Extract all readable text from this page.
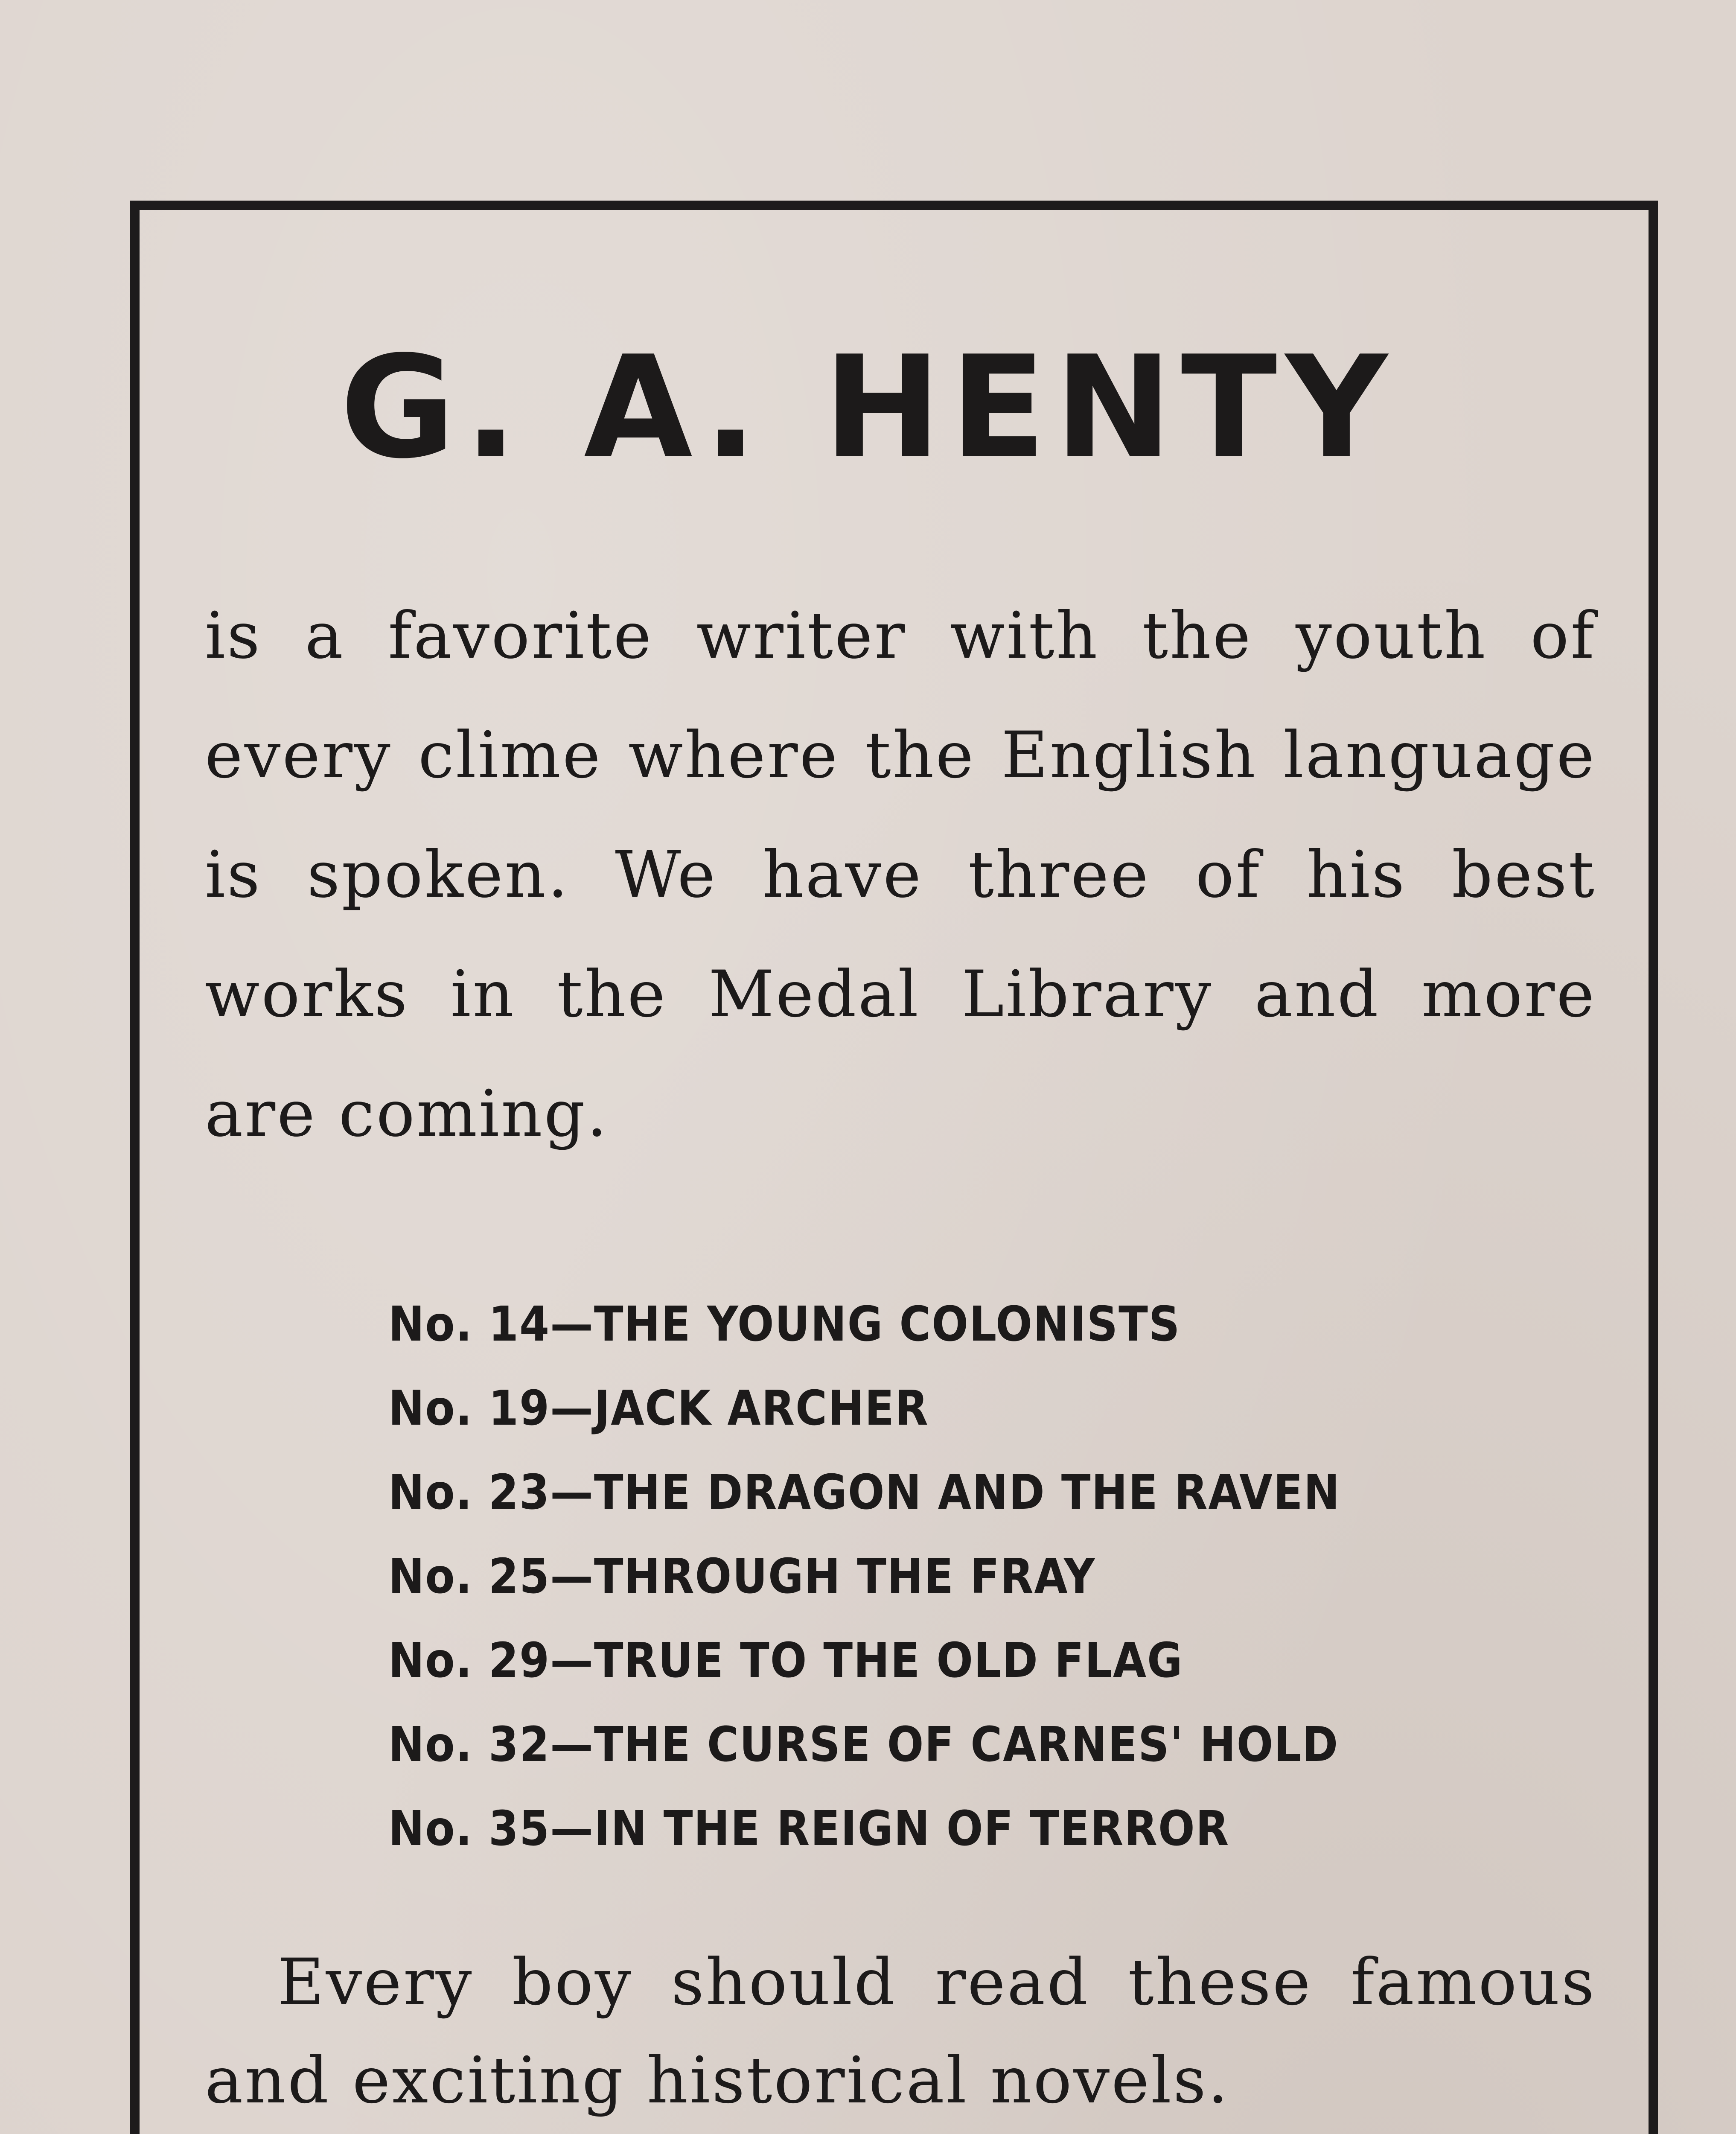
G. A. HENTY

is a favorite writer with the youth of every clime where the English language is spoken. We have three of his best works in the Medal Library and more are coming.

No. 14—THE YOUNG COLONISTS
No. 19—JACK ARCHER
No. 23—THE DRAGON AND THE RAVEN
No. 25—THROUGH THE FRAY
No. 29—TRUE TO THE OLD FLAG
No. 32—THE CURSE OF CARNES' HOLD
No. 35—IN THE REIGN OF TERROR

Every boy should read these famous and exciting historical novels.
